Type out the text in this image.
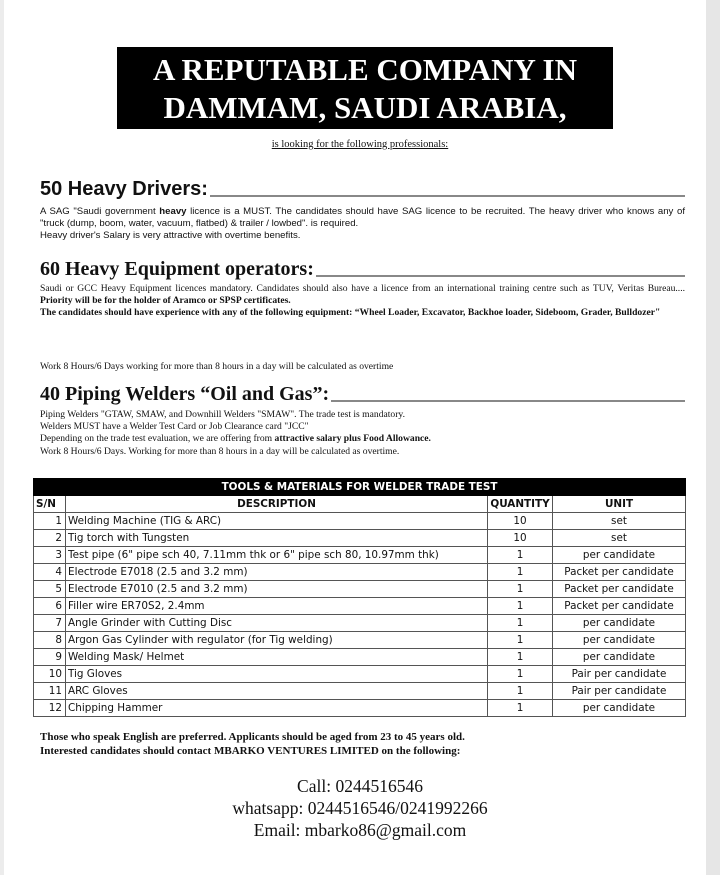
A REPUTABLE COMPANY IN
DAMMAM, SAUDI ARABIA,
is looking for the following professionals:
50 Heavy Drivers:
A SAG "Saudi government heavy licence is a MUST. The candidates should have SAG licence to be recruited. The heavy driver who knows any of "truck (dump, boom, water, vacuum, flatbed) & trailer / lowbed". is required.
Heavy driver's Salary is very attractive with overtime benefits.
60 Heavy Equipment operators:
Saudi or GCC Heavy Equipment licences mandatory. Candidates should also have a licence from an international training centre such as TUV, Veritas Bureau.... Priority will be for the holder of Aramco or SPSP certificates.
The candidates should have experience with any of the following equipment: “Wheel Loader, Excavator, Backhoe loader, Sideboom, Grader, Bulldozer"
Work 8 Hours/6 Days working for more than 8 hours in a day will be calculated as overtime
40 Piping Welders “Oil and Gas”:
Piping Welders "GTAW, SMAW, and Downhill Welders "SMAW". The trade test is mandatory.
Welders MUST have a Welder Test Card or Job Clearance card "JCC"
Depending on the trade test evaluation, we are offering from attractive salary plus Food Allowance.
Work 8 Hours/6 Days. Working for more than 8 hours in a day will be calculated as overtime.
TOOLS & MATERIALS FOR WELDER TRADE TEST			
S/N	DESCRIPTION	QUANTITY	UNIT
1	Welding Machine (TIG & ARC)	10	set
2	Tig torch with Tungsten	10	set
3	Test pipe (6" pipe sch 40, 7.11mm thk or 6" pipe sch 80, 10.97mm thk)	1	per candidate
4	Electrode E7018 (2.5 and 3.2 mm)	1	Packet per candidate
5	Electrode E7010 (2.5 and 3.2 mm)	1	Packet per candidate
6	Filler wire ER70S2, 2.4mm	1	Packet per candidate
7	Angle Grinder with Cutting Disc	1	per candidate
8	Argon Gas Cylinder with regulator (for Tig welding)	1	per candidate
9	Welding Mask/ Helmet	1	per candidate
10	Tig Gloves	1	Pair per candidate
11	ARC Gloves	1	Pair per candidate
12	Chipping Hammer	1	per candidate
Those who speak English are preferred. Applicants should be aged from 23 to 45 years old.
Interested candidates should contact MBARKO VENTURES LIMITED on the following:
Call: 0244516546
whatsapp: 0244516546/0241992266
Email: mbarko86@gmail.com
